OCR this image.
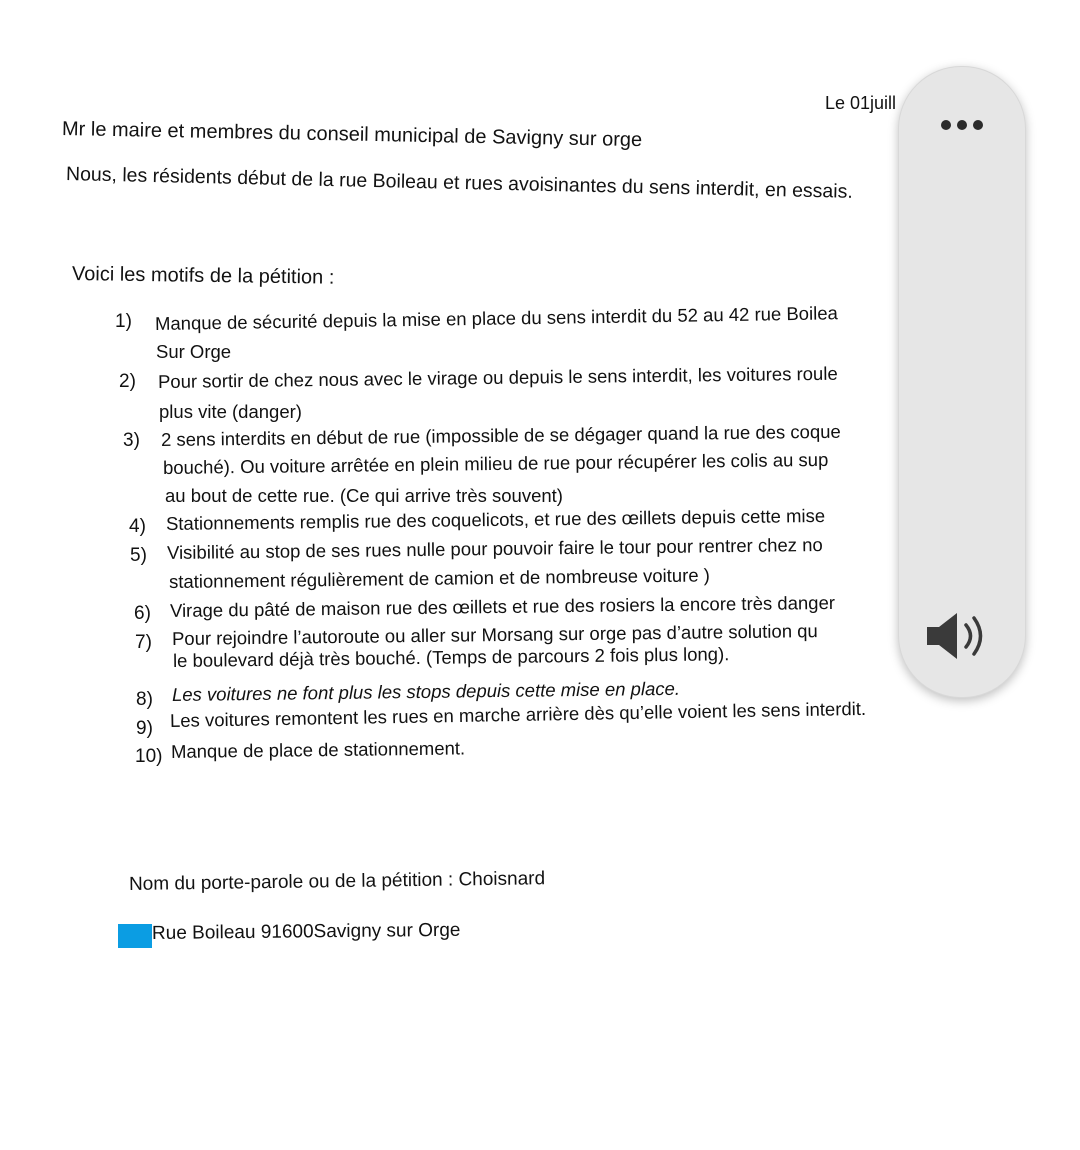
Le 01juill
Mr le maire et membres du conseil municipal de Savigny sur orge
Nous, les résidents début de la rue Boileau et rues avoisinantes du sens interdit, en essais.
Voici les motifs de la pétition :
1) Manque de sécurité depuis la mise en place du sens interdit du 52 au 42 rue Boilea
Sur Orge
2) Pour sortir de chez nous avec le virage ou depuis le sens interdit, les voitures roule
plus vite (danger)
3) 2 sens interdits en début de rue (impossible de se dégager quand la rue des coque
bouché). Ou voiture arrêtée en plein milieu de rue pour récupérer les colis au sup
au bout de cette rue. (Ce qui arrive très souvent)
4) Stationnements remplis rue des coquelicots, et rue des œillets depuis cette mise
5) Visibilité au stop de ses rues nulle pour pouvoir faire le tour pour rentrer chez no
stationnement régulièrement de camion et de nombreuse voiture )
6) Virage du pâté de maison rue des œillets et rue des rosiers la encore très danger
7) Pour rejoindre l’autoroute ou aller sur Morsang sur orge pas d’autre solution qu
le boulevard déjà très bouché. (Temps de parcours 2 fois plus long).
8) Les voitures ne font plus les stops depuis cette mise en place.
9) Les voitures remontent les rues en marche arrière dès qu’elle voient les sens interdit.
10) Manque de place de stationnement.
Nom du porte-parole ou de la pétition : Choisnard
Rue Boileau 91600Savigny sur Orge
